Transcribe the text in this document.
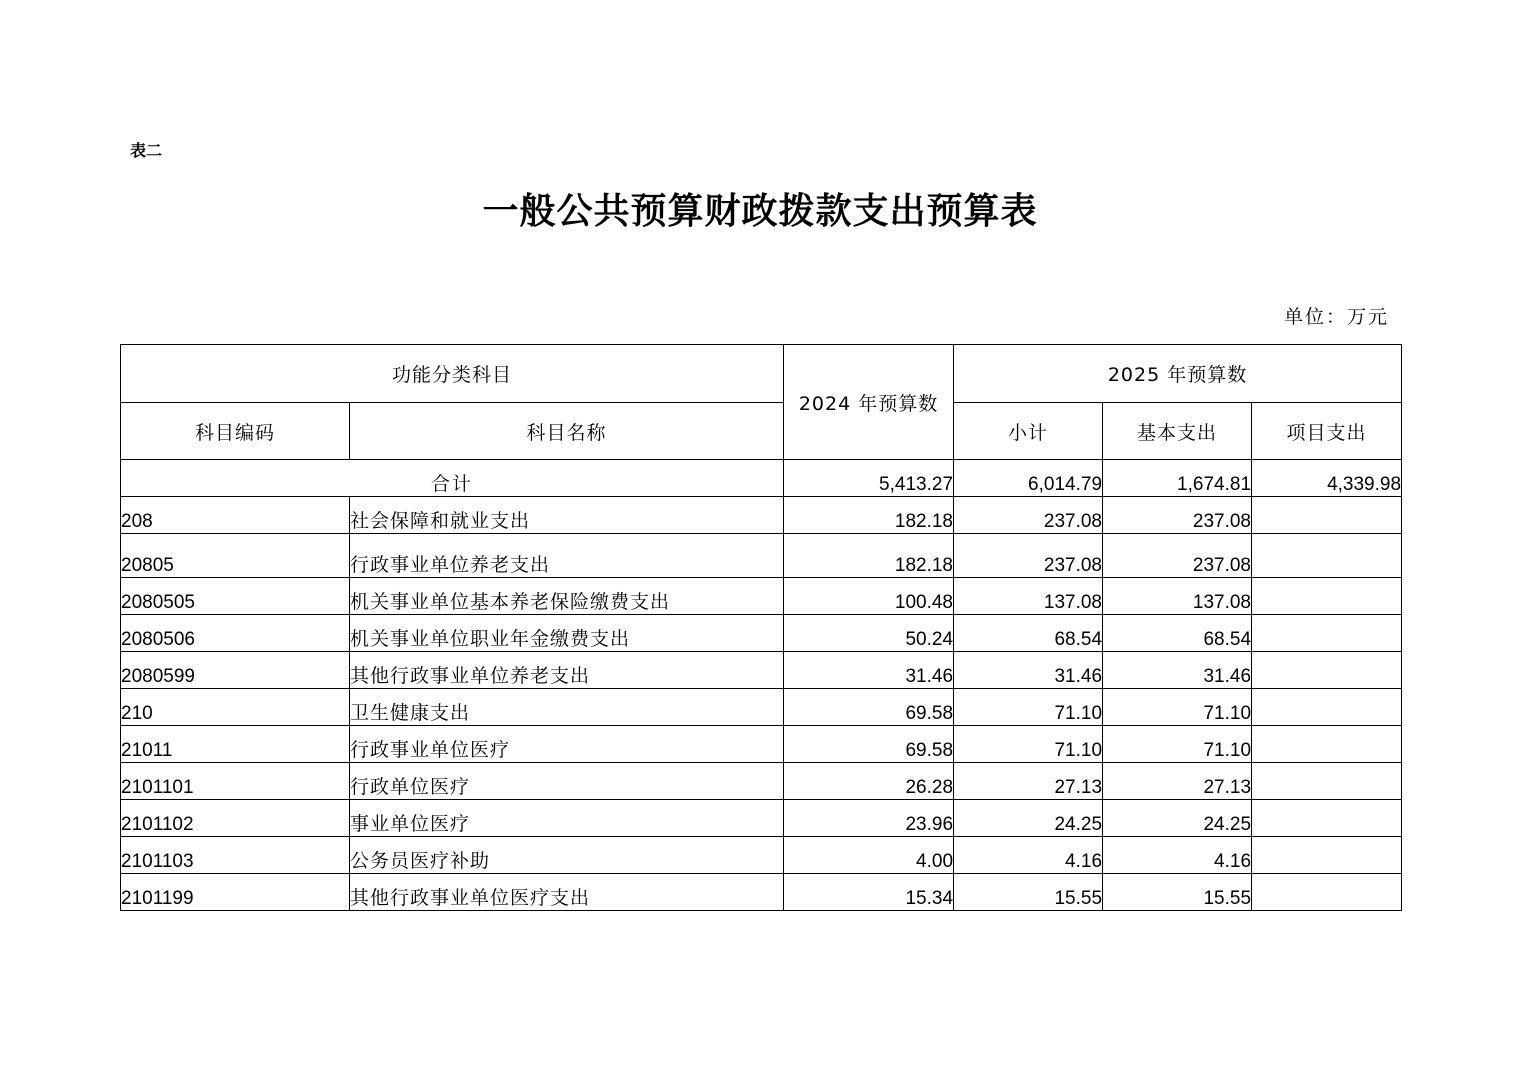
表二
一般公共预算财政拨款支出预算表
单位：万元
功能分类科目		2024 年预算数	2025 年预算数		
科目编码	科目名称		小计	基本支出	项目支出
合计		5,413.27	6,014.79	1,674.81	4,339.98
208	社会保障和就业支出	182.18	237.08	237.08	
20805	行政事业单位养老支出	182.18	237.08	237.08	
2080505	机关事业单位基本养老保险缴费支出	100.48	137.08	137.08	
2080506	机关事业单位职业年金缴费支出	50.24	68.54	68.54	
2080599	其他行政事业单位养老支出	31.46	31.46	31.46	
210	卫生健康支出	69.58	71.10	71.10	
21011	行政事业单位医疗	69.58	71.10	71.10	
2101101	行政单位医疗	26.28	27.13	27.13	
2101102	事业单位医疗	23.96	24.25	24.25	
2101103	公务员医疗补助	4.00	4.16	4.16	
2101199	其他行政事业单位医疗支出	15.34	15.55	15.55	
